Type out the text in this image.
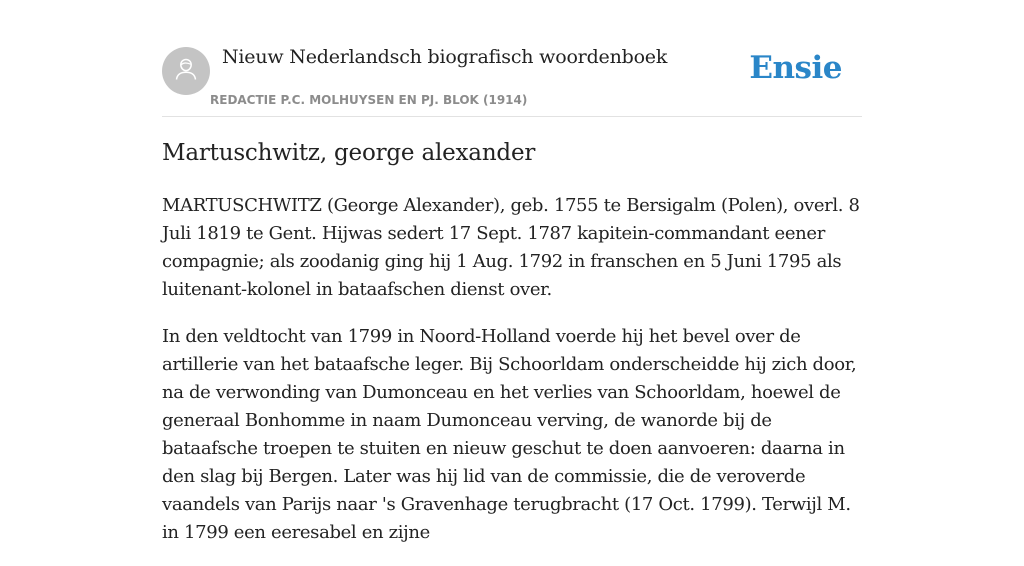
Nieuw Nederlandsch biografisch woordenboek
REDACTIE P.C. MOLHUYSEN EN PJ. BLOK (1914)
Ensie
Martuschwitz, george alexander

MARTUSCHWITZ (George Alexander), geb. 1755 te Bersigalm (Polen), overl. 8 Juli 1819 te Gent. Hijwas sedert 17 Sept. 1787 kapitein-commandant eener compagnie; als zoodanig ging hij 1 Aug. 1792 in franschen en 5 Juni 1795 als luitenant-kolonel in bataafschen dienst over.

In den veldtocht van 1799 in Noord-Holland voerde hij het bevel over de artillerie van het bataafsche leger. Bij Schoorldam onderscheidde hij zich door, na de verwonding van Dumonceau en het verlies van Schoorldam, hoewel de generaal Bonhomme in naam Dumonceau verving, de wanorde bij de bataafsche troepen te stuiten en nieuw geschut te doen aanvoeren: daarna in den slag bij Bergen. Later was hij lid van de commissie, die de veroverde vaandels van Parijs naar 's Gravenhage terugbracht (17 Oct. 1799). Terwijl M. in 1799 een eeresabel en zijne
